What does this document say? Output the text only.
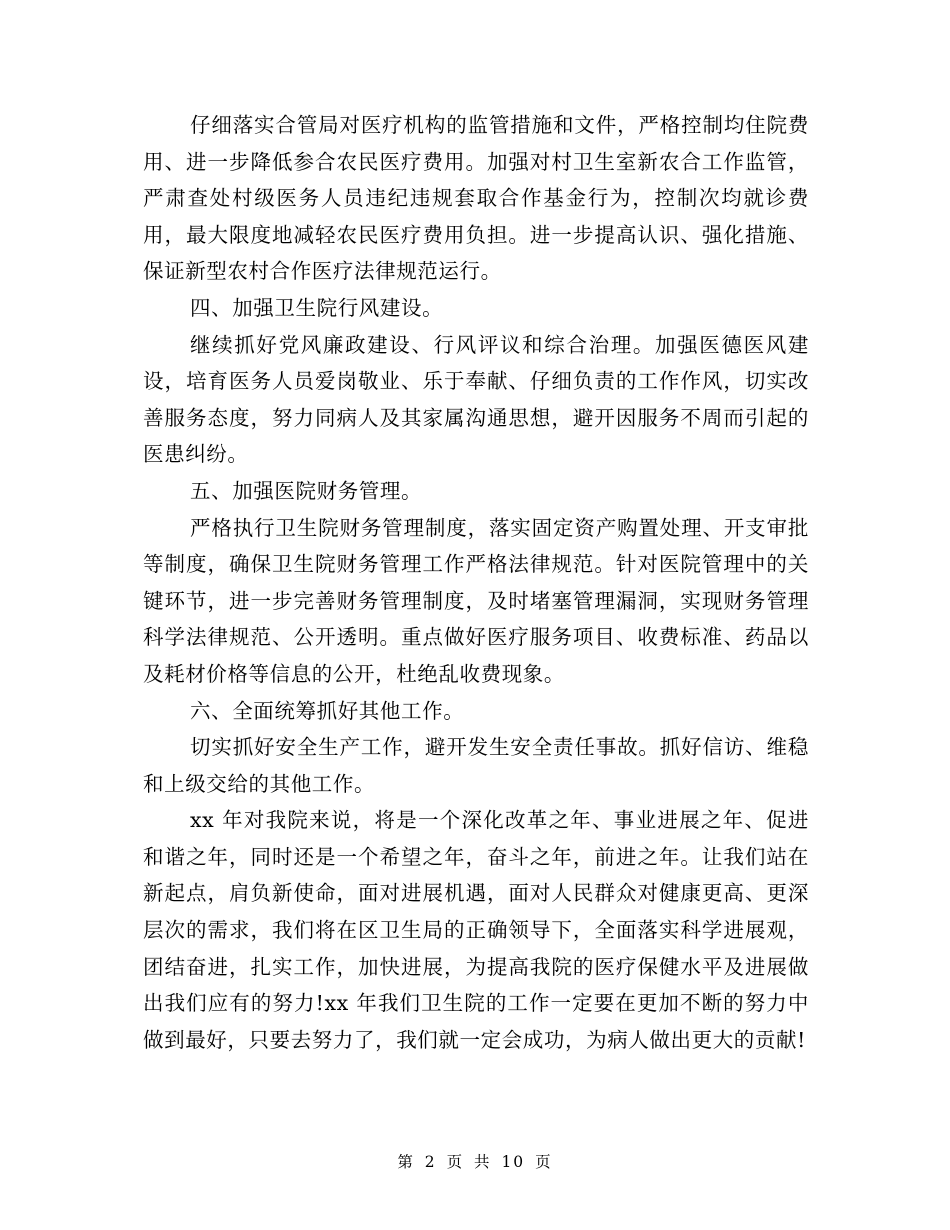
仔细落实合管局对医疗机构的监管措施和文件，严格控制均住院费用、进一步降低参合农民医疗费用。加强对村卫生室新农合工作监管，严肃查处村级医务人员违纪违规套取合作基金行为，控制次均就诊费用，最大限度地减轻农民医疗费用负担。进一步提高认识、强化措施、保证新型农村合作医疗法律规范运行。

四、加强卫生院行风建设。

继续抓好党风廉政建设、行风评议和综合治理。加强医德医风建设，培育医务人员爱岗敬业、乐于奉献、仔细负责的工作作风，切实改善服务态度，努力同病人及其家属沟通思想，避开因服务不周而引起的医患纠纷。

五、加强医院财务管理。

严格执行卫生院财务管理制度，落实固定资产购置处理、开支审批等制度，确保卫生院财务管理工作严格法律规范。针对医院管理中的关键环节，进一步完善财务管理制度，及时堵塞管理漏洞，实现财务管理科学法律规范、公开透明。重点做好医疗服务项目、收费标准、药品以及耗材价格等信息的公开，杜绝乱收费现象。

六、全面统筹抓好其他工作。

切实抓好安全生产工作，避开发生安全责任事故。抓好信访、维稳和上级交给的其他工作。

xx 年对我院来说，将是一个深化改革之年、事业进展之年、促进和谐之年，同时还是一个希望之年，奋斗之年，前进之年。让我们站在新起点，肩负新使命，面对进展机遇，面对人民群众对健康更高、更深层次的需求，我们将在区卫生局的正确领导下，全面落实科学进展观，团结奋进，扎实工作，加快进展，为提高我院的医疗保健水平及进展做出我们应有的努力!xx 年我们卫生院的工作一定要在更加不断的努力中做到最好，只要去努力了，我们就一定会成功，为病人做出更大的贡献!

第 2 页 共 10 页
